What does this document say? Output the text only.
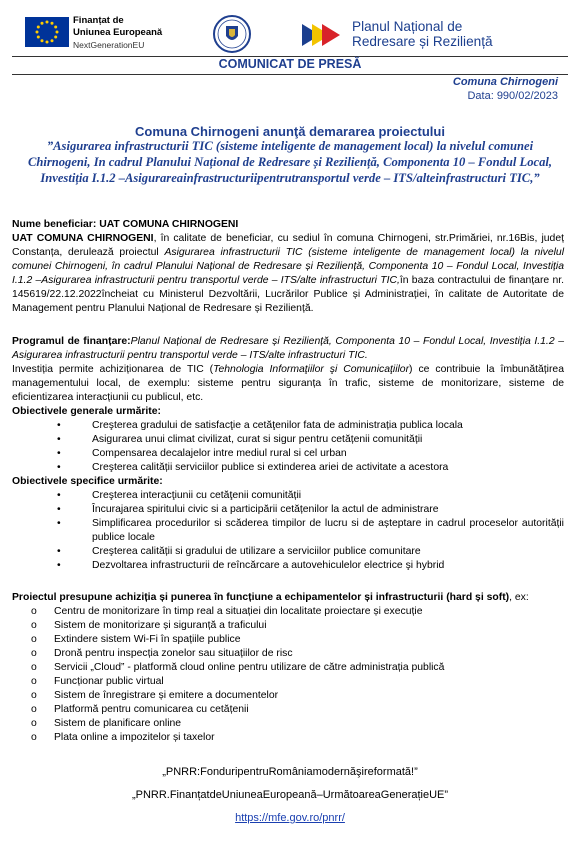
Finanțat de
Uniunea Europeană
NextGenerationEU
Planul Național de
Redresare și Reziliență
COMUNICAT DE PRESĂ
Comuna Chirnogeni
Data: 990/02/2023
Comuna Chirnogeni anunţă demararea proiectului
”Asigurarea infrastructurii TIC (sisteme inteligente de management local) la nivelul comunei Chirnogeni, In cadrul Planului Național de Redresare și Reziliență, Componenta 10 – Fondul Local, Investiția I.1.2 –Asigurareainfrastructuriipentrutransportul verde – ITS/alteinfrastructuri TIC,”
Nume beneficiar: UAT COMUNA CHIRNOGENI
UAT COMUNA CHIRNOGENI, în calitate de beneficiar, cu sediul în comuna Chirnogeni, str.Primăriei, nr.16Bis, județ Constanța, derulează proiectul Asigurarea infrastructurii TIC (sisteme inteligente de management local) la nivelul comunei Chirnogeni, în cadrul Planului Național de Redresare și Reziliență, Componenta 10 – Fondul Local, Investiția I.1.2 –Asigurarea infrastructurii pentru transportul verde – ITS/alte infrastructuri TIC,în baza contractului de finanțare nr. 145619/22.12.2022încheiat cu Ministerul Dezvoltării, Lucrărilor Publice și Administrației, în calitate de Autoritate de Management pentru Planului Național de Redresare și Reziliență.
Programul de finanțare:Planul Național de Redresare și Reziliență, Componenta 10 – Fondul Local, Investiția I.1.2 –Asigurarea infrastructurii pentru transportul verde – ITS/alte infrastructuri TIC.
Investiția permite achiziționarea de TIC (Tehnologia Informaţiilor şi Comunicaţiilor) ce contribuie la îmbunătățirea managementului local, de exemplu: sisteme pentru siguranța în trafic, sisteme de monitorizare, sisteme de eficientizarea interacțiunii cu publicul, etc.
Obiectivele generale urmărite:
•	Creşterea gradului de satisfacţie a cetăţenilor fata de administrația publica locala
•	Asigurarea unui climat civilizat, curat si sigur pentru cetățenii comunității
•	Compensarea decalajelor intre mediul rural si cel urban
•	Creşterea calității serviciilor publice si extinderea ariei de activitate a acestora
Obiectivele specifice urmărite:
•	Creşterea interacţiunii cu cetăţenii comunității
•	Încurajarea spiritului civic si a participării cetățenilor la actul de administrare
•	Simplificarea procedurilor si scăderea timpilor de lucru si de așteptare in cadrul proceselor autorității publice locale
•	Creşterea calității si gradului de utilizare a serviciilor publice comunitare
•	Dezvoltarea infrastructurii de reîncărcare a autovehiculelor electrice şi hybrid
Proiectul presupune achiziția și punerea în funcțiune a echipamentelor și infrastructurii (hard și soft), ex:
o Centru de monitorizare în timp real a situației din localitate proiectare și execuție
o Sistem de monitorizare și siguranță a traficului
o Extindere sistem Wi-Fi în spațiile publice
o Dronă pentru inspecția zonelor sau situațiilor de risc
o Servicii „Cloud” - platformă cloud online pentru utilizare de către administrația publică
o Funcționar public virtual
o Sistem de înregistrare și emitere a documentelor
o Platformă pentru comunicarea cu cetățenii
o Sistem de planificare online
o Plata online a impozitelor și taxelor
„PNRR:FonduripentruRomâniamodernăşireformată!”
„PNRR.FinanțatdeUniuneaEuropeană–UrmătoareaGenerațieUE”
https://mfe.gov.ro/pnrr/
